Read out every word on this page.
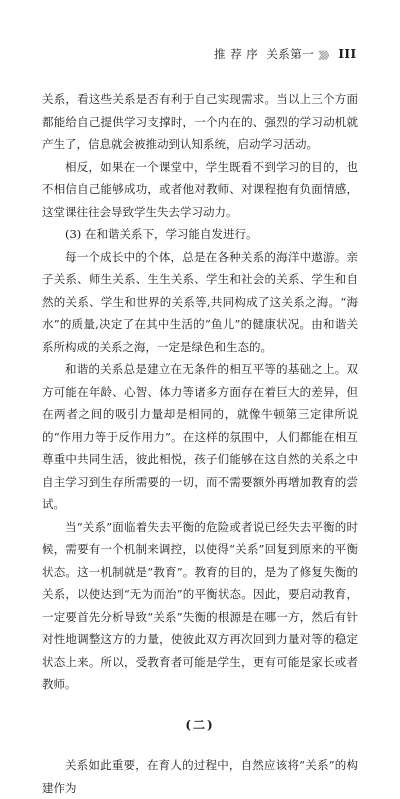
推 荐 序 关系第一 》》》 III

关系，看这些关系是否有利于自己实现需求。当以上三个方面都能给自己提供学习支撑时，一个内在的、强烈的学习动机就产生了，信息就会被推动到认知系统，启动学习活动。

相反，如果在一个课堂中，学生既看不到学习的目的，也不相信自己能够成功，或者他对教师、对课程抱有负面情感，这堂课往往会导致学生失去学习动力。

(3) 在和谐关系下，学习能自发进行。

每一个成长中的个体，总是在各种关系的海洋中遨游。亲子关系、师生关系、生生关系、学生和社会的关系、学生和自然的关系、学生和世界的关系等,共同构成了这关系之海。“海水”的质量,决定了在其中生活的“鱼儿”的健康状况。由和谐关系所构成的关系之海，一定是绿色和生态的。

和谐的关系总是建立在无条件的相互平等的基础之上。双方可能在年龄、心智、体力等诸多方面存在着巨大的差异，但在两者之间的吸引力量却是相同的，就像牛顿第三定律所说的“作用力等于反作用力”。在这样的氛围中，人们都能在相互尊重中共同生活，彼此相悦，孩子们能够在这自然的关系之中自主学习到生存所需要的一切，而不需要额外再增加教育的尝试。

当“关系”面临着失去平衡的危险或者说已经失去平衡的时候，需要有一个机制来调控，以使得“关系”回复到原来的平衡状态。这一机制就是“教育”。教育的目的，是为了修复失衡的关系，以使达到“无为而治”的平衡状态。因此，要启动教育，一定要首先分析导致“关系”失衡的根源是在哪一方，然后有针对性地调整这方的力量，使彼此双方再次回到力量对等的稳定状态上来。所以，受教育者可能是学生，更有可能是家长或者教师。

(二)

关系如此重要，在育人的过程中，自然应该将“关系”的构建作为
